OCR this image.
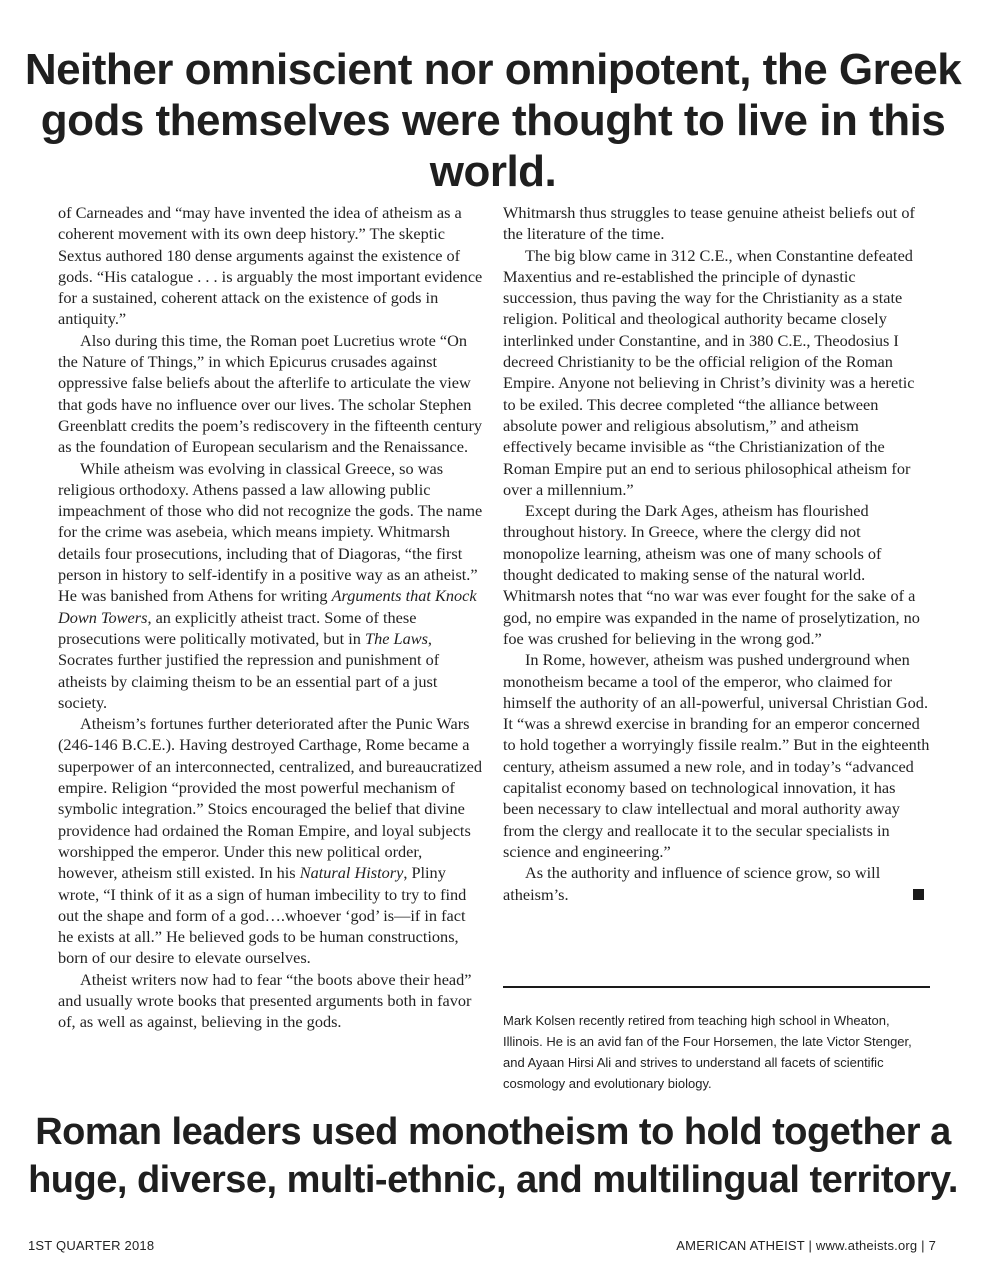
Neither omniscient nor omnipotent, the Greek gods themselves were thought to live in this world.

of Carneades and “may have invented the idea of atheism as a coherent movement with its own deep history.” The skeptic Sextus authored 180 dense arguments against the existence of gods. “His catalogue . . . is arguably the most important evidence for a sustained, coherent attack on the existence of gods in antiquity.”

Also during this time, the Roman poet Lucretius wrote “On the Nature of Things,” in which Epicurus crusades against oppressive false beliefs about the afterlife to articulate the view that gods have no influence over our lives. The scholar Stephen Greenblatt credits the poem’s rediscovery in the fifteenth century as the foundation of European secularism and the Renaissance.

While atheism was evolving in classical Greece, so was religious orthodoxy. Athens passed a law allowing public impeachment of those who did not recognize the gods. The name for the crime was asebeia, which means impiety. Whitmarsh details four prosecutions, including that of Diagoras, “the first person in history to self-identify in a positive way as an atheist.” He was banished from Athens for writing Arguments that Knock Down Towers, an explicitly atheist tract. Some of these prosecutions were politically motivated, but in The Laws, Socrates further justified the repression and punishment of atheists by claiming theism to be an essential part of a just society.

Atheism’s fortunes further deteriorated after the Punic Wars (246-146 B.C.E.). Having destroyed Carthage, Rome became a superpower of an interconnected, centralized, and bureaucratized empire. Religion “provided the most powerful mechanism of symbolic integration.” Stoics encouraged the belief that divine providence had ordained the Roman Empire, and loyal subjects worshipped the emperor. Under this new political order, however, atheism still existed. In his Natural History, Pliny wrote, “I think of it as a sign of human imbecility to try to find out the shape and form of a god….whoever ‘god’ is—if in fact he exists at all.” He believed gods to be human constructions, born of our desire to elevate ourselves.

Atheist writers now had to fear “the boots above their head” and usually wrote books that presented arguments both in favor of, as well as against, believing in the gods.

Whitmarsh thus struggles to tease genuine atheist beliefs out of the literature of the time.

The big blow came in 312 C.E., when Constantine defeated Maxentius and re-established the principle of dynastic succession, thus paving the way for the Christianity as a state religion. Political and theological authority became closely interlinked under Constantine, and in 380 C.E., Theodosius I decreed Christianity to be the official religion of the Roman Empire. Anyone not believing in Christ’s divinity was a heretic to be exiled. This decree completed “the alliance between absolute power and religious absolutism,” and atheism effectively became invisible as “the Christianization of the Roman Empire put an end to serious philosophical atheism for over a millennium.”

Except during the Dark Ages, atheism has flourished throughout history. In Greece, where the clergy did not monopolize learning, atheism was one of many schools of thought dedicated to making sense of the natural world. Whitmarsh notes that “no war was ever fought for the sake of a god, no empire was expanded in the name of proselytization, no foe was crushed for believing in the wrong god.”

In Rome, however, atheism was pushed underground when monotheism became a tool of the emperor, who claimed for himself the authority of an all-powerful, universal Christian God. It “was a shrewd exercise in branding for an emperor concerned to hold together a worryingly fissile realm.” But in the eighteenth century, atheism assumed a new role, and in today’s “advanced capitalist economy based on technological innovation, it has been necessary to claw intellectual and moral authority away from the clergy and reallocate it to the secular specialists in science and engineering.”

As the authority and influence of science grow, so will atheism’s.

Mark Kolsen recently retired from teaching high school in Wheaton, Illinois. He is an avid fan of the Four Horsemen, the late Victor Stenger, and Ayaan Hirsi Ali and strives to understand all facets of scientific cosmology and evolutionary biology.
Roman leaders used monotheism to hold together a huge, diverse, multi-ethnic, and multilingual territory.
1ST QUARTER 2018	AMERICAN ATHEIST | www.atheists.org | 7
